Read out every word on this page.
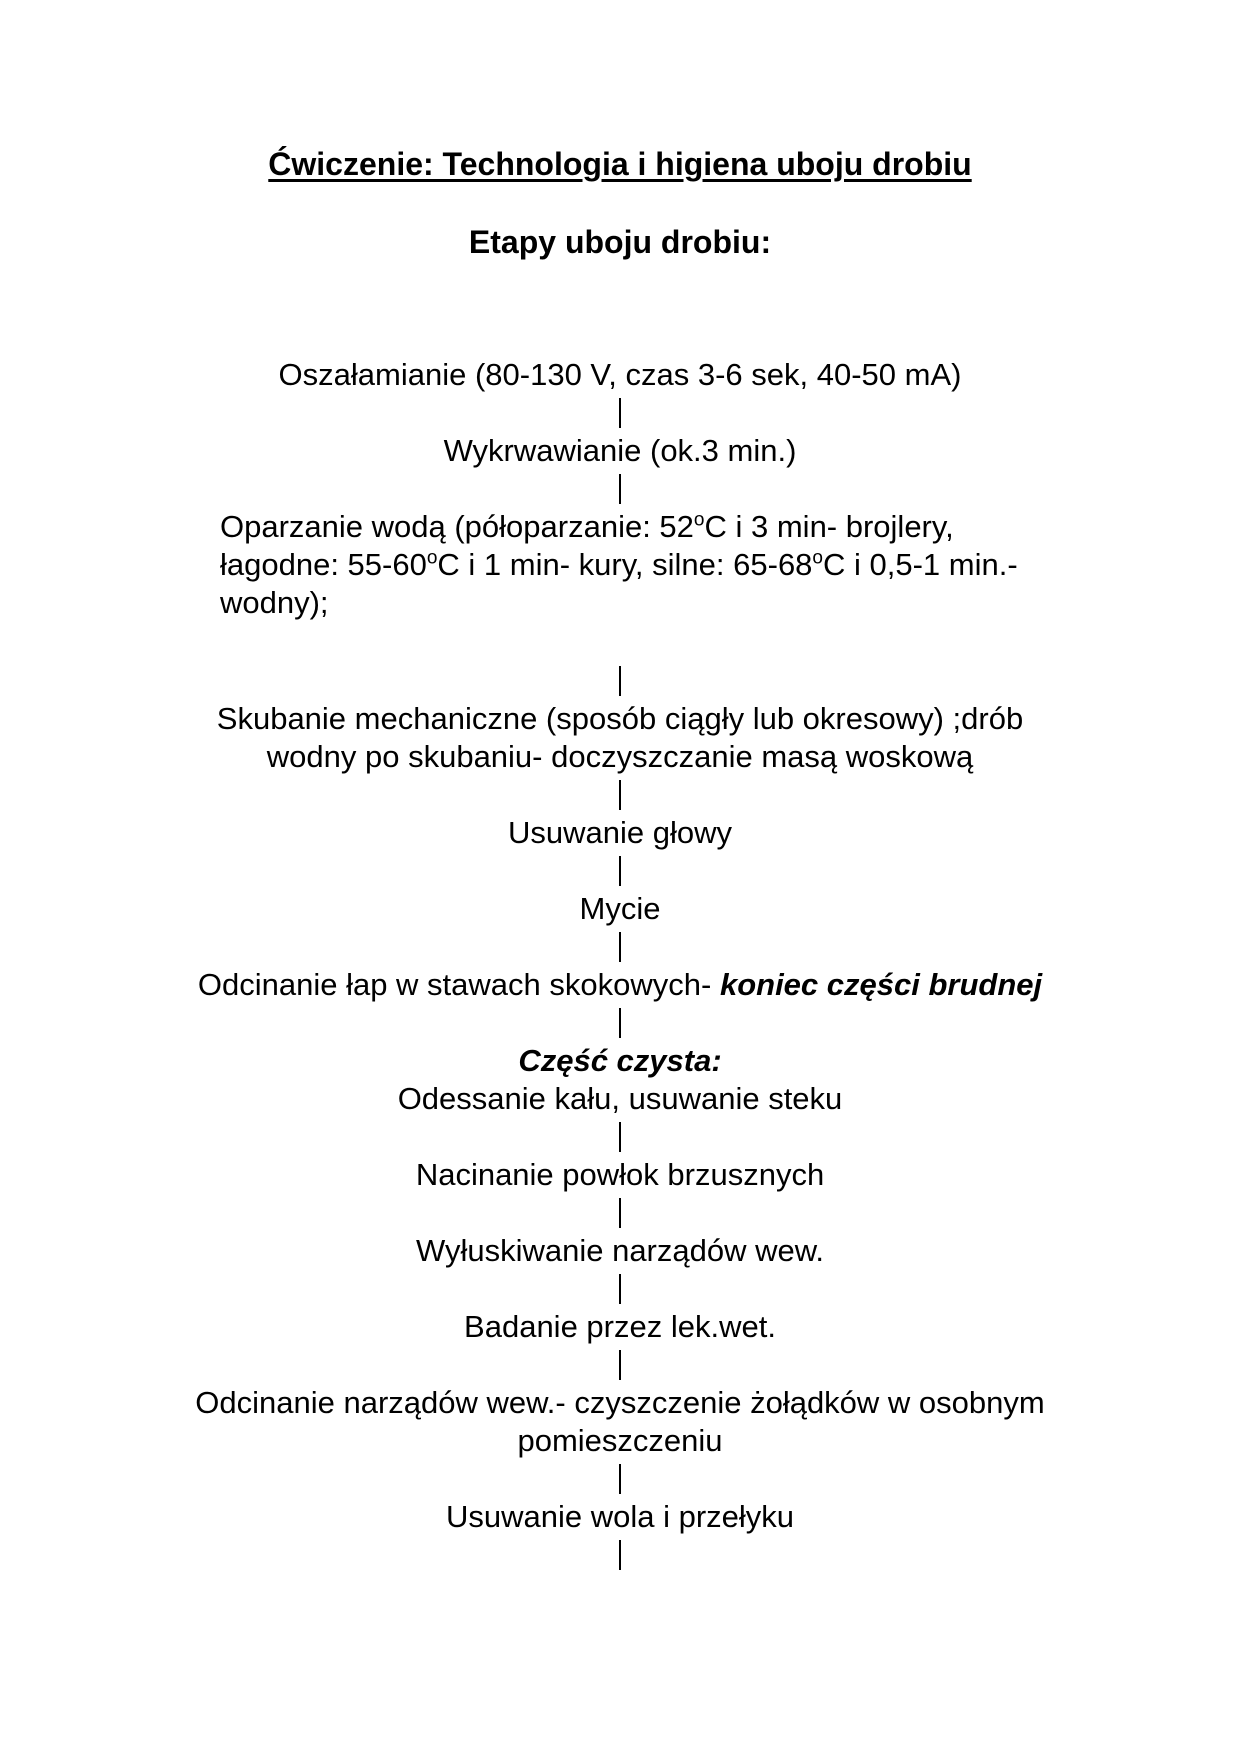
Ćwiczenie: Technologia i higiena uboju drobiu
Etapy uboju drobiu:
Oszałamianie (80-130 V, czas 3-6 sek, 40-50 mA)
Wykrwawianie (ok.3 min.)
Oparzanie wodą (półoparzanie: 52$^o$C i 3 min- brojlery,
łagodne: 55-60$^o$C i 1 min- kury, silne: 65-68$^o$C i 0,5-1 min.-
wodny);
Skubanie mechaniczne (sposób ciągły lub okresowy) ;drób
wodny po skubaniu- doczyszczanie masą woskową
Usuwanie głowy
Mycie
Odcinanie łap w stawach skokowych- koniec części brudnej
Część czysta:
Odessanie kału, usuwanie steku
Nacinanie powłok brzusznych
Wyłuskiwanie narządów wew.
Badanie przez lek.wet.
Odcinanie narządów wew.- czyszczenie żołądków w osobnym
pomieszczeniu
Usuwanie wola i przełyku
